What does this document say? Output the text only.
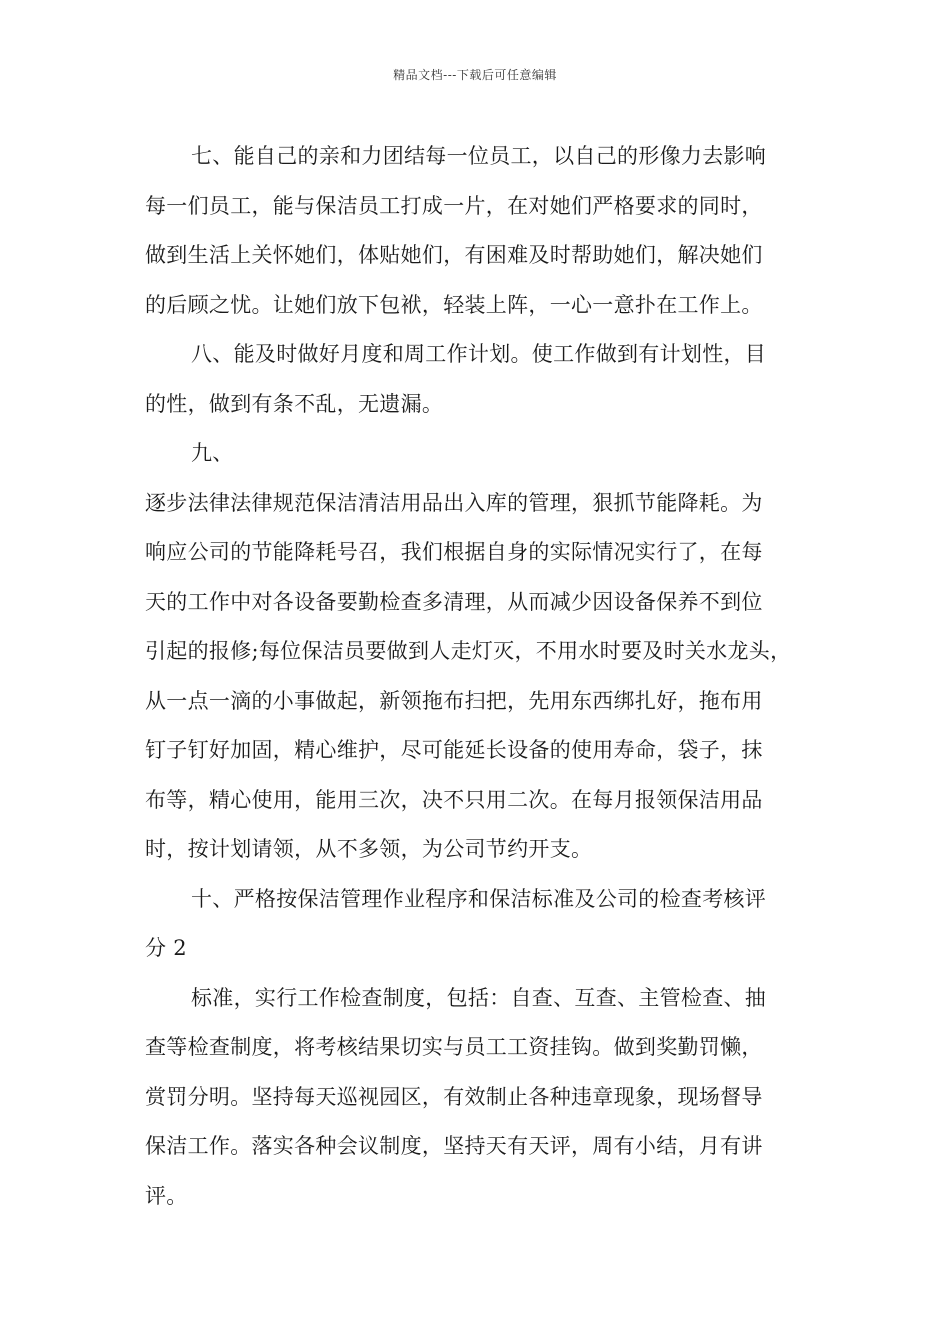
精品文档---下载后可任意编辑
七、能自己的亲和力团结每一位员工，以自己的形像力去影响
每一们员工，能与保洁员工打成一片，在对她们严格要求的同时，
做到生活上关怀她们，体贴她们，有困难及时帮助她们，解决她们
的后顾之忧。让她们放下包袱，轻装上阵，一心一意扑在工作上。
八、能及时做好月度和周工作计划。使工作做到有计划性，目
的性，做到有条不乱，无遗漏。
九、
逐步法律法律规范保洁清洁用品出入库的管理，狠抓节能降耗。为
响应公司的节能降耗号召，我们根据自身的实际情况实行了，在每
天的工作中对各设备要勤检查多清理，从而减少因设备保养不到位
引起的报修;每位保洁员要做到人走灯灭，不用水时要及时关水龙头，
从一点一滴的小事做起，新领拖布扫把，先用东西绑扎好，拖布用
钉子钉好加固，精心维护，尽可能延长设备的使用寿命，袋子，抹
布等，精心使用，能用三次，决不只用二次。在每月报领保洁用品
时，按计划请领，从不多领，为公司节约开支。
十、严格按保洁管理作业程序和保洁标准及公司的检查考核评
分 2
标准，实行工作检查制度，包括：自查、互查、主管检查、抽
查等检查制度，将考核结果切实与员工工资挂钩。做到奖勤罚懒，
赏罚分明。坚持每天巡视园区，有效制止各种违章现象，现场督导
保洁工作。落实各种会议制度，坚持天有天评，周有小结，月有讲
评。
